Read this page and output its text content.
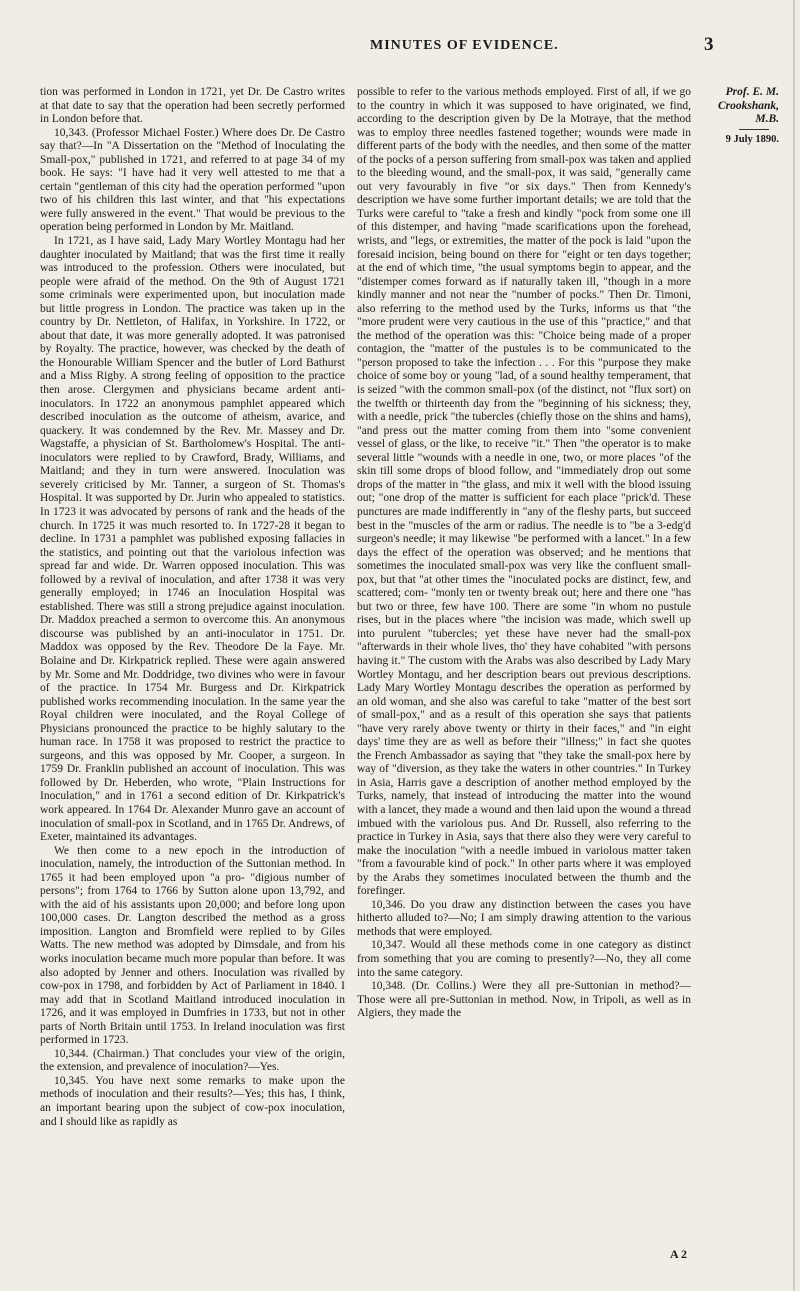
MINUTES OF EVIDENCE.	3

tion was performed in London in 1721, yet Dr. De Castro writes at that date to say that the operation had been secretly performed in London before that.

10,343. (Professor Michael Foster.) Where does Dr. De Castro say that?—In "A Dissertation on the "Method of Inoculating the Small-pox," published in 1721, and referred to at page 34 of my book. He says: "I have had it very well attested to me that a certain "gentleman of this city had the operation performed "upon two of his children this last winter, and that "his expectations were fully answered in the event." That would be previous to the operation being performed in London by Mr. Maitland.

In 1721, as I have said, Lady Mary Wortley Montagu had her daughter inoculated by Maitland; that was the first time it really was introduced to the profession. Others were inoculated, but people were afraid of the method. On the 9th of August 1721 some criminals were experimented upon, but inoculation made but little progress in London. The practice was taken up in the country by Dr. Nettleton, of Halifax, in Yorkshire. In 1722, or about that date, it was more generally adopted. It was patronised by Royalty. The practice, however, was checked by the death of the Honourable William Spencer and the butler of Lord Bathurst and a Miss Rigby. A strong feeling of opposition to the practice then arose. Clergymen and physicians became ardent anti-inoculators. In 1722 an anonymous pamphlet appeared which described inoculation as the outcome of atheism, avarice, and quackery. It was condemned by the Rev. Mr. Massey and Dr. Wagstaffe, a physician of St. Bartholomew's Hospital. The anti-inoculators were replied to by Crawford, Brady, Williams, and Maitland; and they in turn were answered. Inoculation was severely criticised by Mr. Tanner, a surgeon of St. Thomas's Hospital. It was supported by Dr. Jurin who appealed to statistics. In 1723 it was advocated by persons of rank and the heads of the church. In 1725 it was much resorted to. In 1727-28 it began to decline. In 1731 a pamphlet was published exposing fallacies in the statistics, and pointing out that the variolous infection was spread far and wide. Dr. Warren opposed inoculation. This was followed by a revival of inoculation, and after 1738 it was very generally employed; in 1746 an Inoculation Hospital was established. There was still a strong prejudice against inoculation. Dr. Maddox preached a sermon to overcome this. An anonymous discourse was published by an anti-inoculator in 1751. Dr. Maddox was opposed by the Rev. Theodore De la Faye. Mr. Bolaine and Dr. Kirkpatrick replied. These were again answered by Mr. Some and Mr. Doddridge, two divines who were in favour of the practice. In 1754 Mr. Burgess and Dr. Kirkpatrick published works recommending inoculation. In the same year the Royal children were inoculated, and the Royal College of Physicians pronounced the practice to be highly salutary to the human race. In 1758 it was proposed to restrict the practice to surgeons, and this was opposed by Mr. Cooper, a surgeon. In 1759 Dr. Franklin published an account of inoculation. This was followed by Dr. Heberden, who wrote, "Plain Instructions for Inoculation," and in 1761 a second edition of Dr. Kirkpatrick's work appeared. In 1764 Dr. Alexander Munro gave an account of inoculation of small-pox in Scotland, and in 1765 Dr. Andrews, of Exeter, maintained its advantages.

We then come to a new epoch in the introduction of inoculation, namely, the introduction of the Suttonian method. In 1765 it had been employed upon "a pro- "digious number of persons"; from 1764 to 1766 by Sutton alone upon 13,792, and with the aid of his assistants upon 20,000; and before long upon 100,000 cases. Dr. Langton described the method as a gross imposition. Langton and Bromfield were replied to by Giles Watts. The new method was adopted by Dimsdale, and from his works inoculation became much more popular than before. It was also adopted by Jenner and others. Inoculation was rivalled by cow-pox in 1798, and forbidden by Act of Parliament in 1840. I may add that in Scotland Maitland introduced inoculation in 1726, and it was employed in Dumfries in 1733, but not in other parts of North Britain until 1753. In Ireland inoculation was first performed in 1723.

10,344. (Chairman.) That concludes your view of the origin, the extension, and prevalence of inoculation?—Yes.

10,345. You have next some remarks to make upon the methods of inoculation and their results?—Yes; this has, I think, an important bearing upon the subject of cow-pox inoculation, and I should like as rapidly as

possible to refer to the various methods employed. First of all, if we go to the country in which it was supposed to have originated, we find, according to the description given by De la Motraye, that the method was to employ three needles fastened together; wounds were made in different parts of the body with the needles, and then some of the matter of the pocks of a person suffering from small-pox was taken and applied to the bleeding wound, and the small-pox, it was said, "generally came out very favourably in five "or six days." Then from Kennedy's description we have some further important details; we are told that the Turks were careful to "take a fresh and kindly "pock from some one ill of this distemper, and having "made scarifications upon the forehead, wrists, and "legs, or extremities, the matter of the pock is laid "upon the foresaid incision, being bound on there for "eight or ten days together; at the end of which time, "the usual symptoms begin to appear, and the "distemper comes forward as if naturally taken ill, "though in a more kindly manner and not near the "number of pocks." Then Dr. Timoni, also referring to the method used by the Turks, informs us that "the "more prudent were very cautious in the use of this "practice," and that the method of the operation was this: "Choice being made of a proper contagion, the "matter of the pustules is to be communicated to the "person proposed to take the infection . . . For this "purpose they make choice of some boy or young "lad, of a sound healthy temperament, that is seized "with the common small-pox (of the distinct, not "flux sort) on the twelfth or thirteenth day from the "beginning of his sickness; they, with a needle, prick "the tubercles (chiefly those on the shins and hams), "and press out the matter coming from them into "some convenient vessel of glass, or the like, to receive "it." Then "the operator is to make several little "wounds with a needle in one, two, or more places "of the skin till some drops of blood follow, and "immediately drop out some drops of the matter in "the glass, and mix it well with the blood issuing out; "one drop of the matter is sufficient for each place "prick'd. These punctures are made indifferently in "any of the fleshy parts, but succeed best in the "muscles of the arm or radius. The needle is to "be a 3-edg'd surgeon's needle; it may likewise "be performed with a lancet." In a few days the effect of the operation was observed; and he mentions that sometimes the inoculated small-pox was very like the confluent small-pox, but that "at other times the "inoculated pocks are distinct, few, and scattered; com- "monly ten or twenty break out; here and there one "has but two or three, few have 100. There are some "in whom no pustule rises, but in the places where "the incision was made, which swell up into purulent "tubercles; yet these have never had the small-pox "afterwards in their whole lives, tho' they have cohabited "with persons having it." The custom with the Arabs was also described by Lady Mary Wortley Montagu, and her description bears out previous descriptions. Lady Mary Wortley Montagu describes the operation as performed by an old woman, and she also was careful to take "matter of the best sort of small-pox," and as a result of this operation she says that patients "have very rarely above twenty or thirty in their faces," and "in eight days' time they are as well as before their "illness;" in fact she quotes the French Ambassador as saying that "they take the small-pox here by way of "diversion, as they take the waters in other countries." In Turkey in Asia, Harris gave a description of another method employed by the Turks, namely, that instead of introducing the matter into the wound with a lancet, they made a wound and then laid upon the wound a thread imbued with the variolous pus. And Dr. Russell, also referring to the practice in Turkey in Asia, says that there also they were very careful to make the inoculation "with a needle imbued in variolous matter taken "from a favourable kind of pock." In other parts where it was employed by the Arabs they sometimes inoculated between the thumb and the forefinger.

10,346. Do you draw any distinction between the cases you have hitherto alluded to?—No; I am simply drawing attention to the various methods that were employed.

10,347. Would all these methods come in one category as distinct from something that you are coming to presently?—No, they all come into the same category.

10,348. (Dr. Collins.) Were they all pre-Suttonian in method?—Those were all pre-Suttonian in method. Now, in Tripoli, as well as in Algiers, they made the

Prof. E. M. Crookshank, M.B.
9 July 1890.
A 2
